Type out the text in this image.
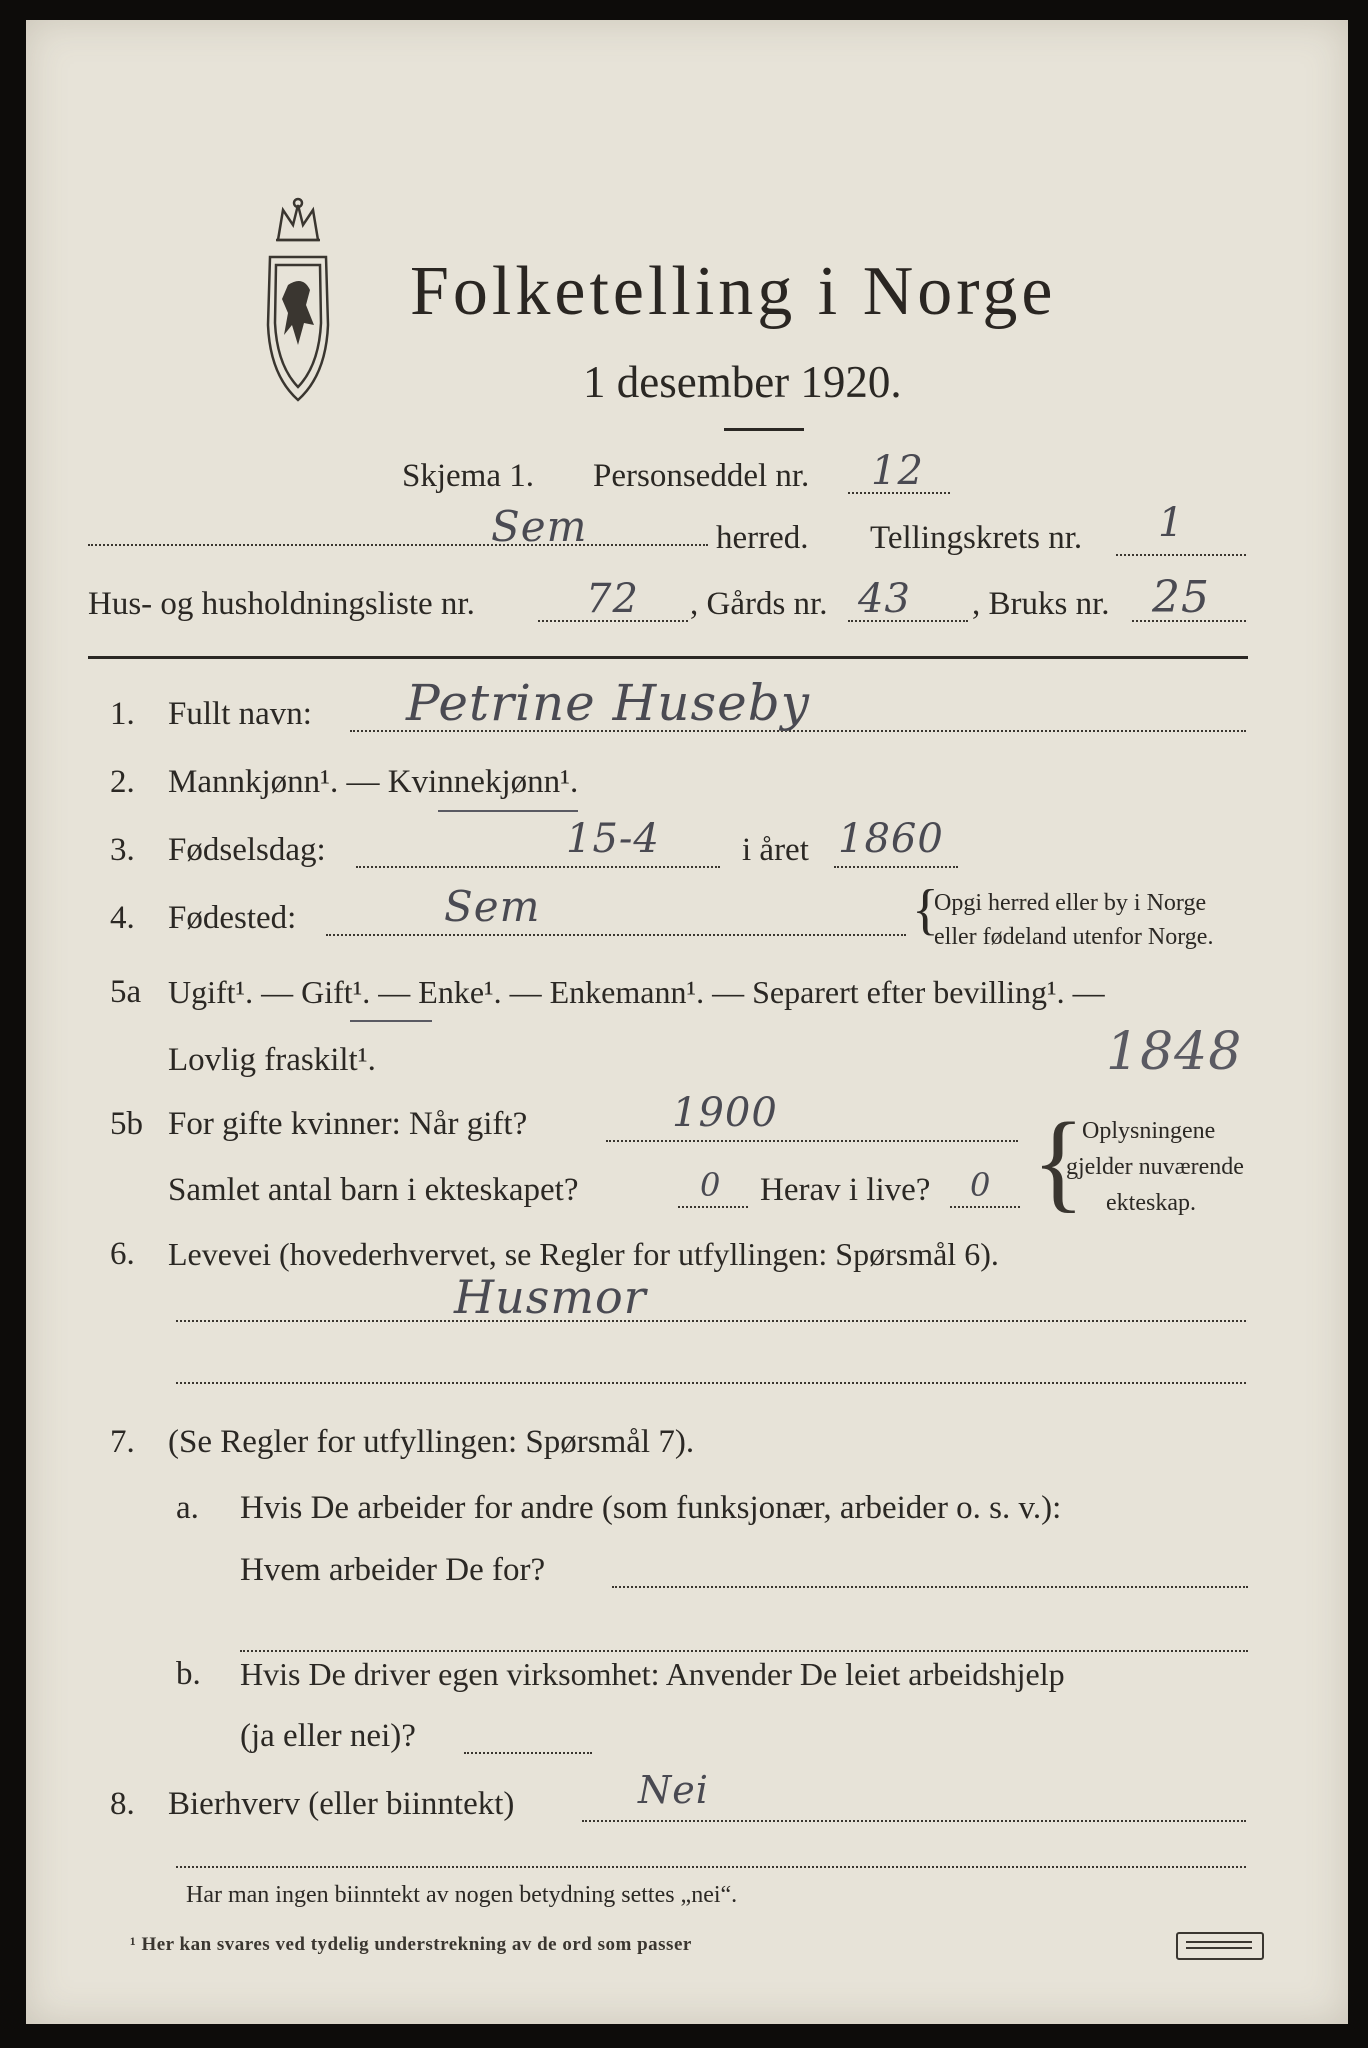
Folketelling i Norge
1 desember 1920.
Skjema 1. Personseddel nr. 12
Sem	herred. Tellingskrets nr. 1
Hus- og husholdningsliste nr.	72 , Gårds nr. 43 , Bruks nr. 25
1. Fullt navn: Petrine Huseby
2. Mannkjønn¹. — Kvinnekjønn¹.
3. Fødselsdag:	15-4 i året 1860
4. Fødested:	Sem	{
Opgi herred eller by i Norge
eller fødeland utenfor Norge.
5a Ugift¹. — Gift¹. — Enke¹. — Enkemann¹. — Separert efter bevilling¹. —
Lovlig fraskilt¹.	1848
5b For gifte kvinner: Når gift?	1900
Samlet antal barn i ekteskapet?	0 Herav i live? 0 {
Oplysningene
gjelder nuværende
ekteskap.
6. Levevei (hovederhvervet, se Regler for utfyllingen: Spørsmål 6).
Husmor
7. (Se Regler for utfyllingen: Spørsmål 7).
a. Hvis De arbeider for andre (som funksjonær, arbeider o. s. v.):
Hvem arbeider De for?
b. Hvis De driver egen virksomhet: Anvender De leiet arbeidshjelp
(ja eller nei)?
8. Bierhverv (eller biinntekt)	Nei
Har man ingen biinntekt av nogen betydning settes „nei“.
¹ Her kan svares ved tydelig understrekning av de ord som passer
